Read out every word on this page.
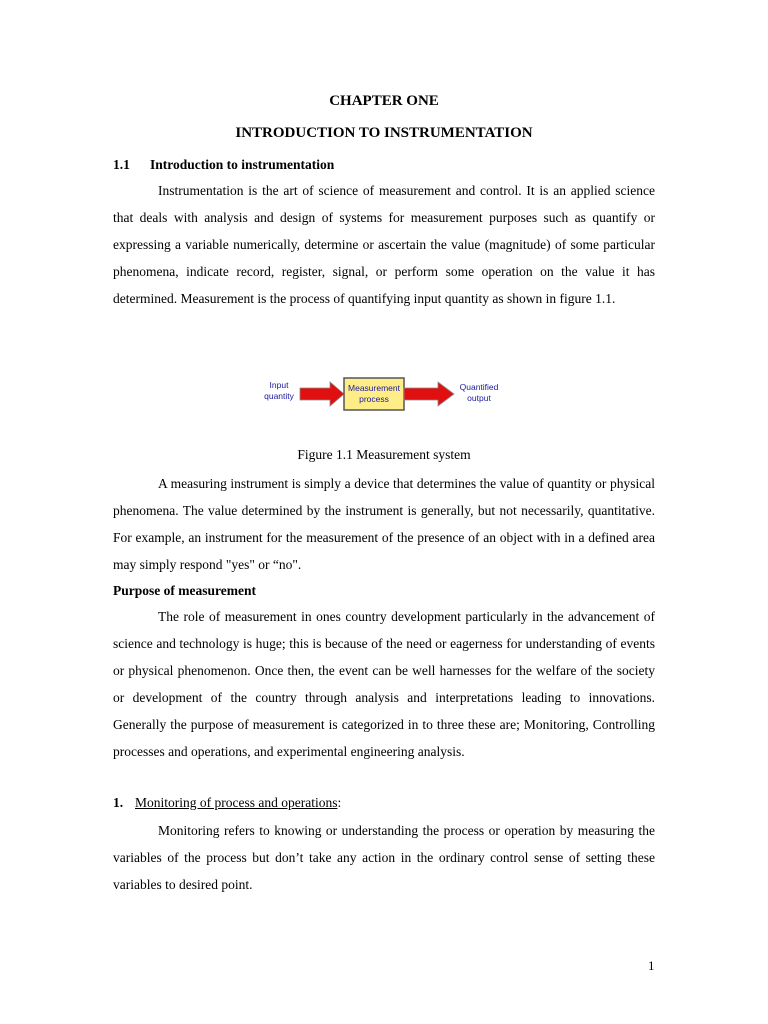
CHAPTER ONE
INTRODUCTION TO INSTRUMENTATION
1.1 Introduction to instrumentation
Instrumentation is the art of science of measurement and control. It is an applied science that deals with analysis and design of systems for measurement purposes such as quantify or expressing a variable numerically, determine or ascertain the value (magnitude) of some particular phenomena, indicate record, register, signal, or perform some operation on the value it has determined. Measurement is the process of quantifying input quantity as shown in figure 1.1.
Input
quantity
Measurement
process
Quantified
output
Figure 1.1 Measurement system
A measuring instrument is simply a device that determines the value of quantity or physical phenomena. The value determined by the instrument is generally, but not necessarily, quantitative. For example, an instrument for the measurement of the presence of an object with in a defined area may simply respond "yes" or “no".
Purpose of measurement
The role of measurement in ones country development particularly in the advancement of science and technology is huge; this is because of the need or eagerness for understanding of events or physical phenomenon. Once then, the event can be well harnesses for the welfare of the society or development of the country through analysis and interpretations leading to innovations. Generally the purpose of measurement is categorized in to three these are; Monitoring, Controlling processes and operations, and experimental engineering analysis.
1. Monitoring of process and operations:
Monitoring refers to knowing or understanding the process or operation by measuring the variables of the process but don’t take any action in the ordinary control sense of setting these variables to desired point.
1
